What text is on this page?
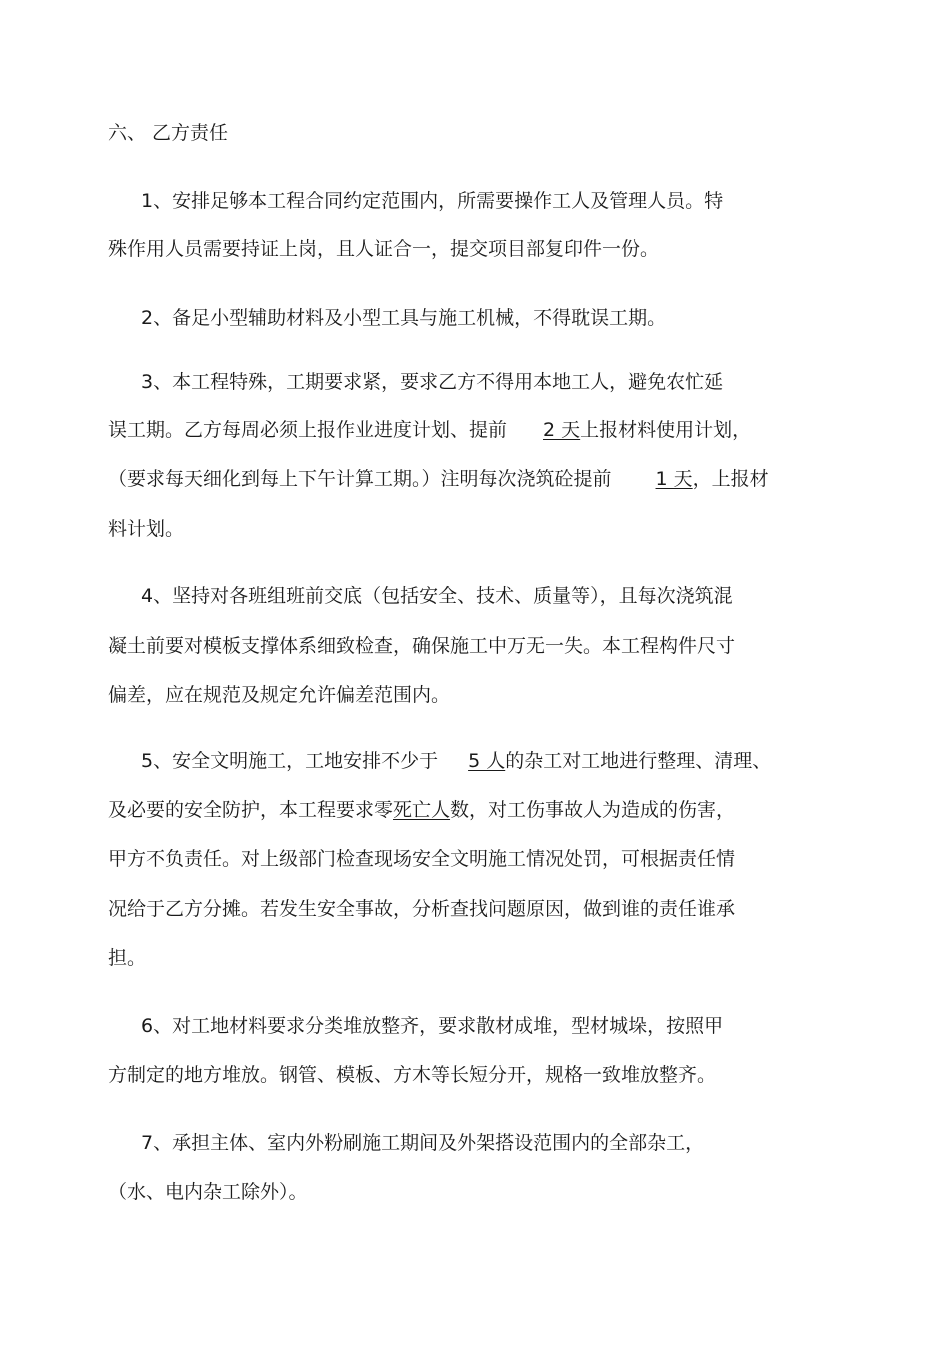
六、 乙方责任
1、安排足够本工程合同约定范围内，所需要操作工人及管理人员。特
殊作用人员需要持证上岗，且人证合一，提交项目部复印件一份。
2、备足小型辅助材料及小型工具与施工机械，不得耽误工期。
3、本工程特殊，工期要求紧，要求乙方不得用本地工人，避免农忙延
误工期。乙方每周必须上报作业进度计划、提前 2 天上报材料使用计划，
（要求每天细化到每上下午计算工期。）注明每次浇筑砼提前 1 天，上报材
料计划。
4、坚持对各班组班前交底（包括安全、技术、质量等），且每次浇筑混
凝土前要对模板支撑体系细致检查，确保施工中万无一失。本工程构件尺寸
偏差，应在规范及规定允许偏差范围内。
5、安全文明施工，工地安排不少于 5 人的杂工对工地进行整理、清理、
及必要的安全防护，本工程要求零死亡人数，对工伤事故人为造成的伤害，
甲方不负责任。对上级部门检查现场安全文明施工情况处罚，可根据责任情
况给于乙方分摊。若发生安全事故，分析查找问题原因，做到谁的责任谁承
担。
6、对工地材料要求分类堆放整齐，要求散材成堆，型材城垛，按照甲
方制定的地方堆放。钢管、模板、方木等长短分开，规格一致堆放整齐。
7、承担主体、室内外粉刷施工期间及外架搭设范围内的全部杂工，
（水、电内杂工除外）。
